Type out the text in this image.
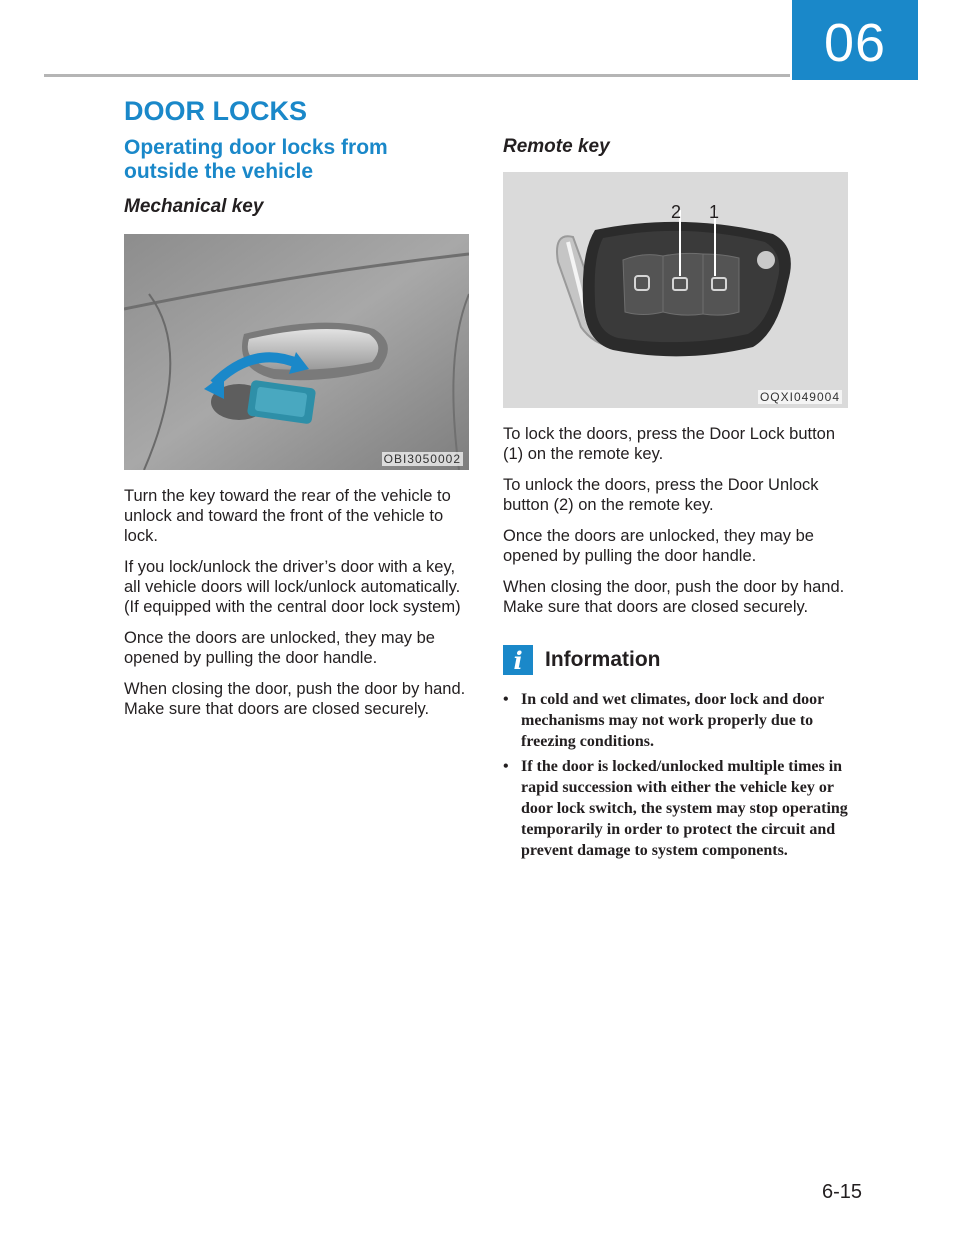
06
DOOR LOCKS
Operating door locks from outside the vehicle
Mechanical key
OBI3050002

Turn the key toward the rear of the vehicle to unlock and toward the front of the vehicle to lock.

If you lock/unlock the driver’s door with a key, all vehicle doors will lock/unlock automatically. (If equipped with the central door lock system)

Once the doors are unlocked, they may be opened by pulling the door handle.

When closing the door, push the door by hand. Make sure that doors are closed securely.

Remote key
2 1
OQXI049004

To lock the doors, press the Door Lock button (1) on the remote key.

To unlock the doors, press the Door Unlock button (2) on the remote key.

Once the doors are unlocked, they may be opened by pulling the door handle.

When closing the door, push the door by hand. Make sure that doors are closed securely.

i	Information
• In cold and wet climates, door lock and door mechanisms may not work properly due to freezing conditions.
• If the door is locked/unlocked multiple times in rapid succession with either the vehicle key or door lock switch, the system may stop operating temporarily in order to protect the circuit and prevent damage to system components.
6-15
